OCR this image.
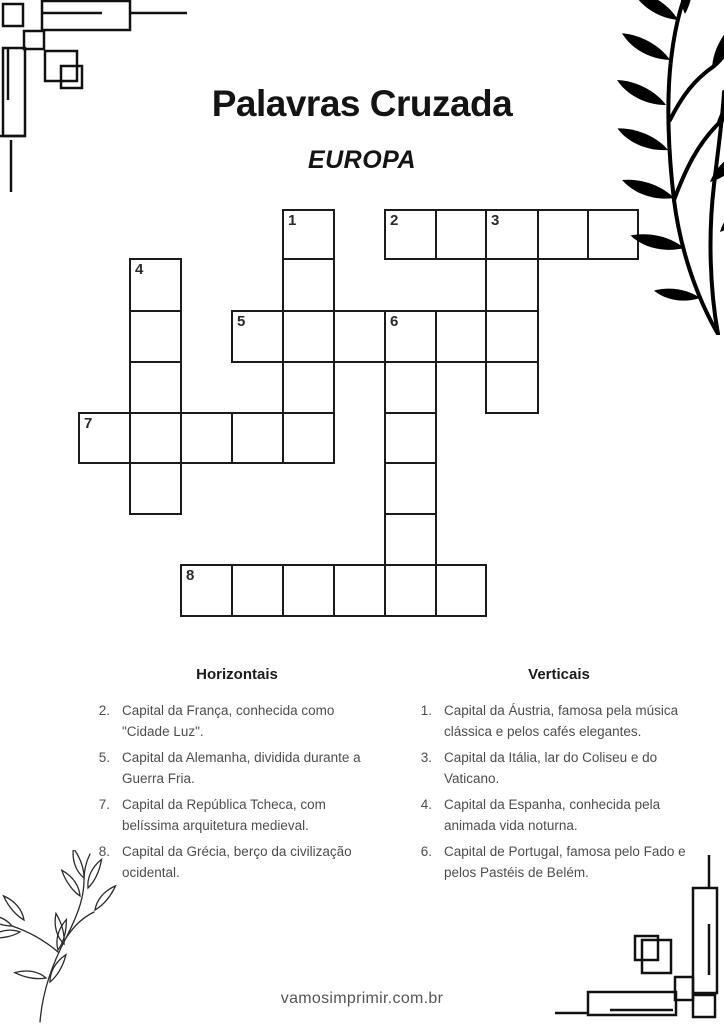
Palavras Cruzada
EUROPA
1	2	3
4
5	6
7
8
Horizontais
2. Capital da França, conhecida como "Cidade Luz".
5. Capital da Alemanha, dividida durante a Guerra Fria.
7. Capital da República Tcheca, com belíssima arquitetura medieval.
8. Capital da Grécia, berço da civilização ocidental.
Verticais
1. Capital da Áustria, famosa pela música clássica e pelos cafés elegantes.
3. Capital da Itália, lar do Coliseu e do Vaticano.
4. Capital da Espanha, conhecida pela animada vida noturna.
6. Capital de Portugal, famosa pelo Fado e pelos Pastéis de Belém.
vamosimprimir.com.br
